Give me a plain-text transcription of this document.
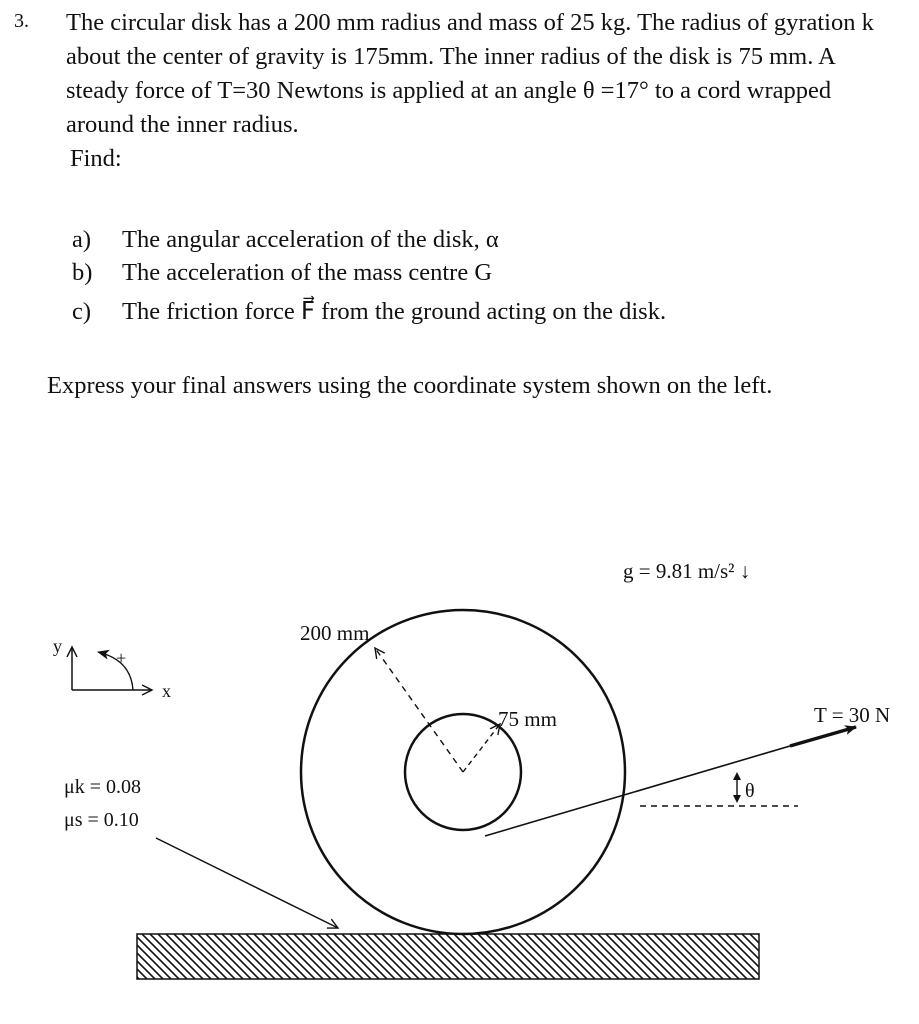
3. The circular disk has a 200 mm radius and mass of 25 kg. The radius of gyration k about the center of gravity is 175mm. The inner radius of the disk is 75 mm. A steady force of T=30 Newtons is applied at an angle θ =17° to a cord wrapped around the inner radius.
Find:
a) The angular acceleration of the disk, α
b) The acceleration of the mass centre G
c) The friction force F⃗ from the ground acting on the disk.
Express your final answers using the coordinate system shown on the left.
g = 9.81 m/s² ↓
y
x
+
μk = 0.08
μs = 0.10
200 mm
75 mm	T = 30 N
θ
